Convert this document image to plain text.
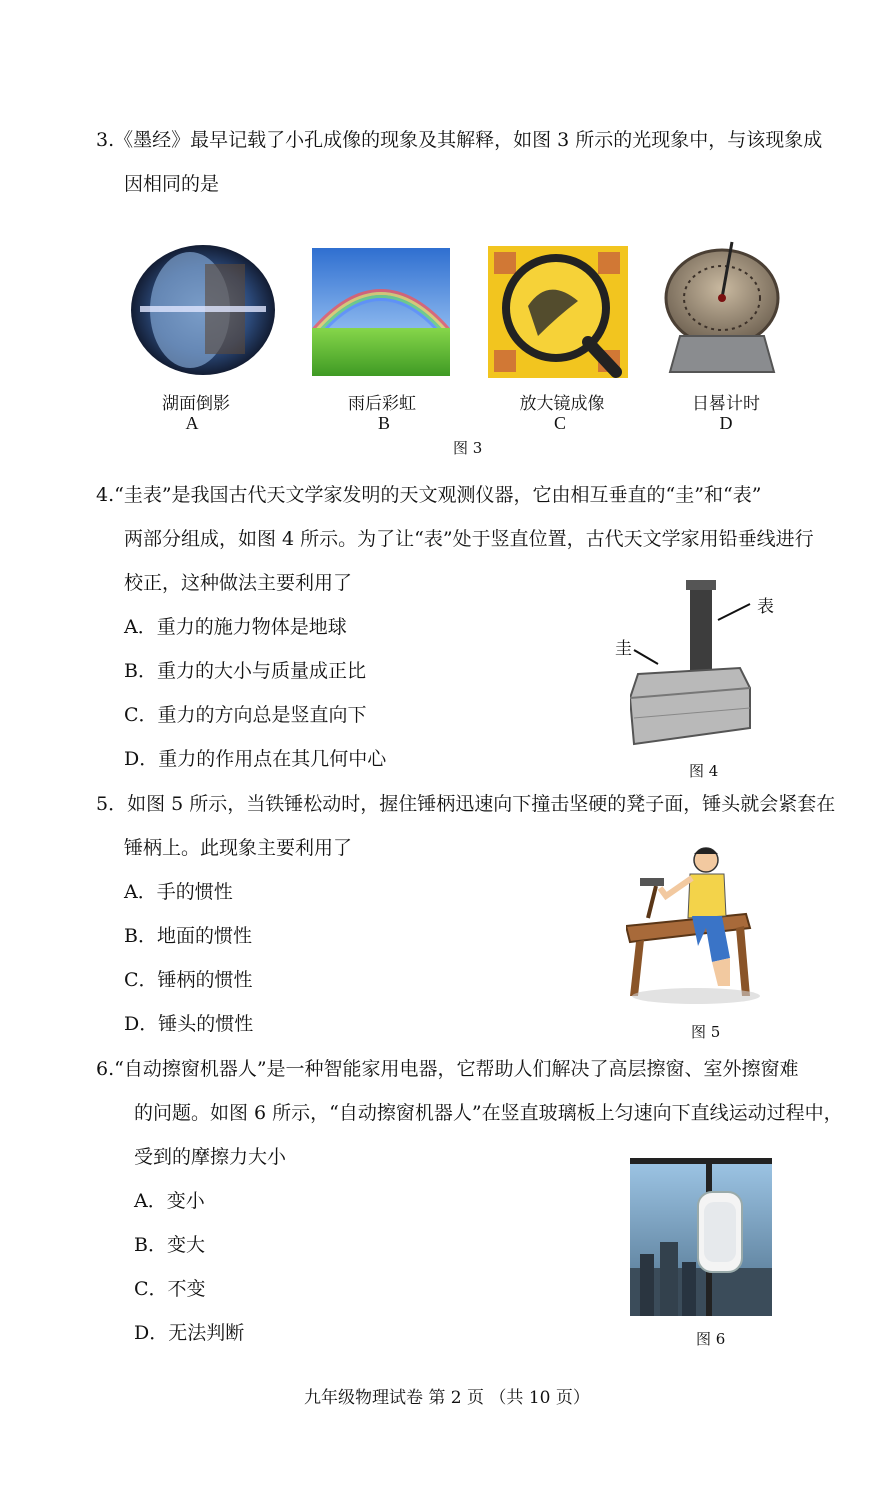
3.《墨经》最早记载了小孔成像的现象及其解释，如图 3 所示的光现象中，与该现象成
因相同的是
湖面倒影	雨后彩虹	放大镜成像	日晷计时
A	B	C	D
图 3
4.“圭表”是我国古代天文学家发明的天文观测仪器，它由相互垂直的“圭”和“表”
两部分组成，如图 4 所示。为了让“表”处于竖直位置，古代天文学家用铅垂线进行
校正，这种做法主要利用了
A．重力的施力物体是地球
B．重力的大小与质量成正比
C．重力的方向总是竖直向下
D．重力的作用点在其几何中心
表
圭
图 4
5．如图 5 所示，当铁锤松动时，握住锤柄迅速向下撞击坚硬的凳子面，锤头就会紧套在
锤柄上。此现象主要利用了
A．手的惯性
B．地面的惯性
C．锤柄的惯性
D．锤头的惯性	图 5
6.“自动擦窗机器人”是一种智能家用电器，它帮助人们解决了高层擦窗、室外擦窗难
的问题。如图 6 所示，“自动擦窗机器人”在竖直玻璃板上匀速向下直线运动过程中，
受到的摩擦力大小
A．变小
B．变大
C．不变
D．无法判断	图 6
九年级物理试卷 第 2 页 （共 10 页）
